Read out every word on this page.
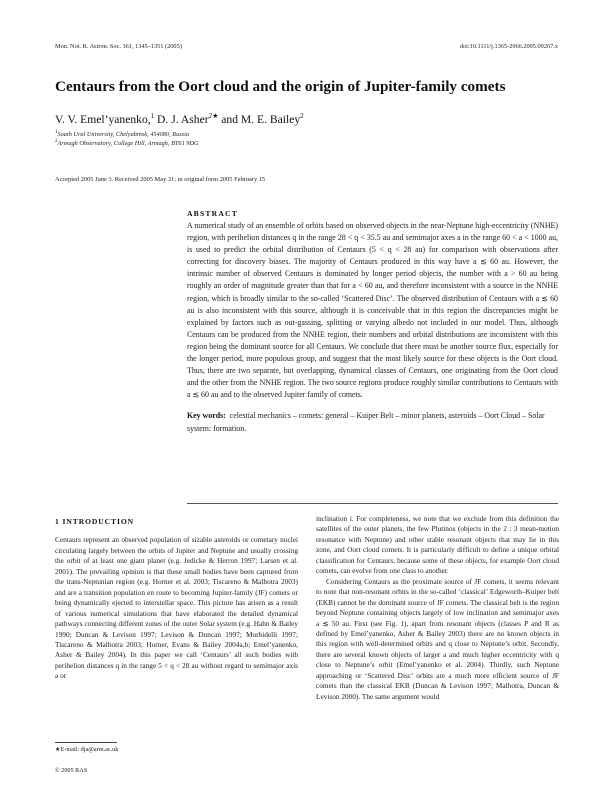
Mon. Not. R. Astron. Soc. 361, 1345–1351 (2005)	doi:10.1111/j.1365-2966.2005.09267.x
Centaurs from the Oort cloud and the origin of Jupiter-family comets
V. V. Emel’yanenko,$^1$ D. J. Asher$^{2★}$ and M. E. Bailey$^2$
$^1$South Ural University, Chelyabinsk, 454080, Russia
$^2$Armagh Observatory, College Hill, Armagh, BT61 9DG
Accepted 2005 June 3. Received 2005 May 31; in original form 2005 February 15
ABSTRACT

A numerical study of an ensemble of orbits based on observed objects in the near-Neptune high-eccentricity (NNHE) region, with perihelion distances q in the range 28 < q < 35.5 au and semimajor axes a in the range 60 < a < 1000 au, is used to predict the orbital distribution of Centaurs (5 < q < 28 au) for comparison with observations after correcting for discovery biases. The majority of Centaurs produced in this way have a ≲ 60 au. However, the intrinsic number of observed Centaurs is dominated by longer period objects, the number with a > 60 au being roughly an order of magnitude greater than that for a < 60 au, and therefore inconsistent with a source in the NNHE region, which is broadly similar to the so-called ‘Scattered Disc’. The observed distribution of Centaurs with a ≲ 60 au is also inconsistent with this source, although it is conceivable that in this region the discrepancies might be explained by factors such as out-gassing, splitting or varying albedo not included in our model. Thus, although Centaurs can be produced from the NNHE region, their numbers and orbital distributions are inconsistent with this region being the dominant source for all Centaurs. We conclude that there must be another source flux, especially for the longer period, more populous group, and suggest that the most likely source for these objects is the Oort cloud. Thus, there are two separate, but overlapping, dynamical classes of Centaurs, one originating from the Oort cloud and the other from the NNHE region. The two source regions produce roughly similar contributions to Centaurs with a ≲ 60 au and to the observed Jupiter family of comets.

Key words: celestial mechanics – comets: general – Kuiper Belt – minor planets, asteroids – Oort Cloud – Solar system: formation.
1 INTRODUCTION

Centaurs represent an observed population of sizable asteroids or cometary nuclei circulating largely between the orbits of Jupiter and Neptune and usually crossing the orbit of at least one giant planet (e.g. Jedicke & Herron 1997; Larsen et al. 2001). The prevailing opinion is that these small bodies have been captured from the trans-Neptunian region (e.g. Horner et al. 2003; Tiscareno & Malhotra 2003) and are a transition population en route to becoming Jupiter-family (JF) comets or being dynamically ejected to interstellar space. This picture has arisen as a result of various numerical simulations that have elaborated the detailed dynamical pathways connecting different zones of the outer Solar system (e.g. Hahn & Bailey 1990; Duncan & Levison 1997; Levison & Duncan 1997; Morbidelli 1997; Tiscareno & Malhotra 2003; Horner, Evans & Bailey 2004a,b; Emel’yanenko, Asher & Bailey 2004). In this paper we call ‘Centaurs’ all such bodies with perihelion distances q in the range 5 < q < 28 au without regard to semimajor axis a or

inclination i. For completeness, we note that we exclude from this definition the satellites of the outer planets, the few Plutinos (objects in the 2 : 3 mean-motion resonance with Neptune) and other stable resonant objects that may lie in this zone, and Oort cloud comets. It is particularly difficult to define a unique orbital classification for Centaurs, because some of these objects, for example Oort cloud comets, can evolve from one class to another.

Considering Centaurs as the proximate source of JF comets, it seems relevant to note that non-resonant orbits in the so-called ‘classical’ Edgeworth–Kuiper belt (EKB) cannot be the dominant source of JF comets. The classical belt is the region beyond Neptune containing objects largely of low inclination and semimajor axes a ≲ 50 au. First (see Fig. 1), apart from resonant objects (classes P and R as defined by Emel’yanenko, Asher & Bailey 2003) there are no known objects in this region with well-determined orbits and q close to Neptune’s orbit. Secondly, there are several known objects of larger a and much higher eccentricity with q close to Neptune’s orbit (Emel’yanenko et al. 2004). Thirdly, such Neptune approaching or ‘Scattered Disc’ orbits are a much more efficient source of JF comets than the classical EKB (Duncan & Levison 1997; Malhotra, Duncan & Levison 2000). The same argument would

★E-mail: dja@arm.ac.uk
© 2005 RAS
